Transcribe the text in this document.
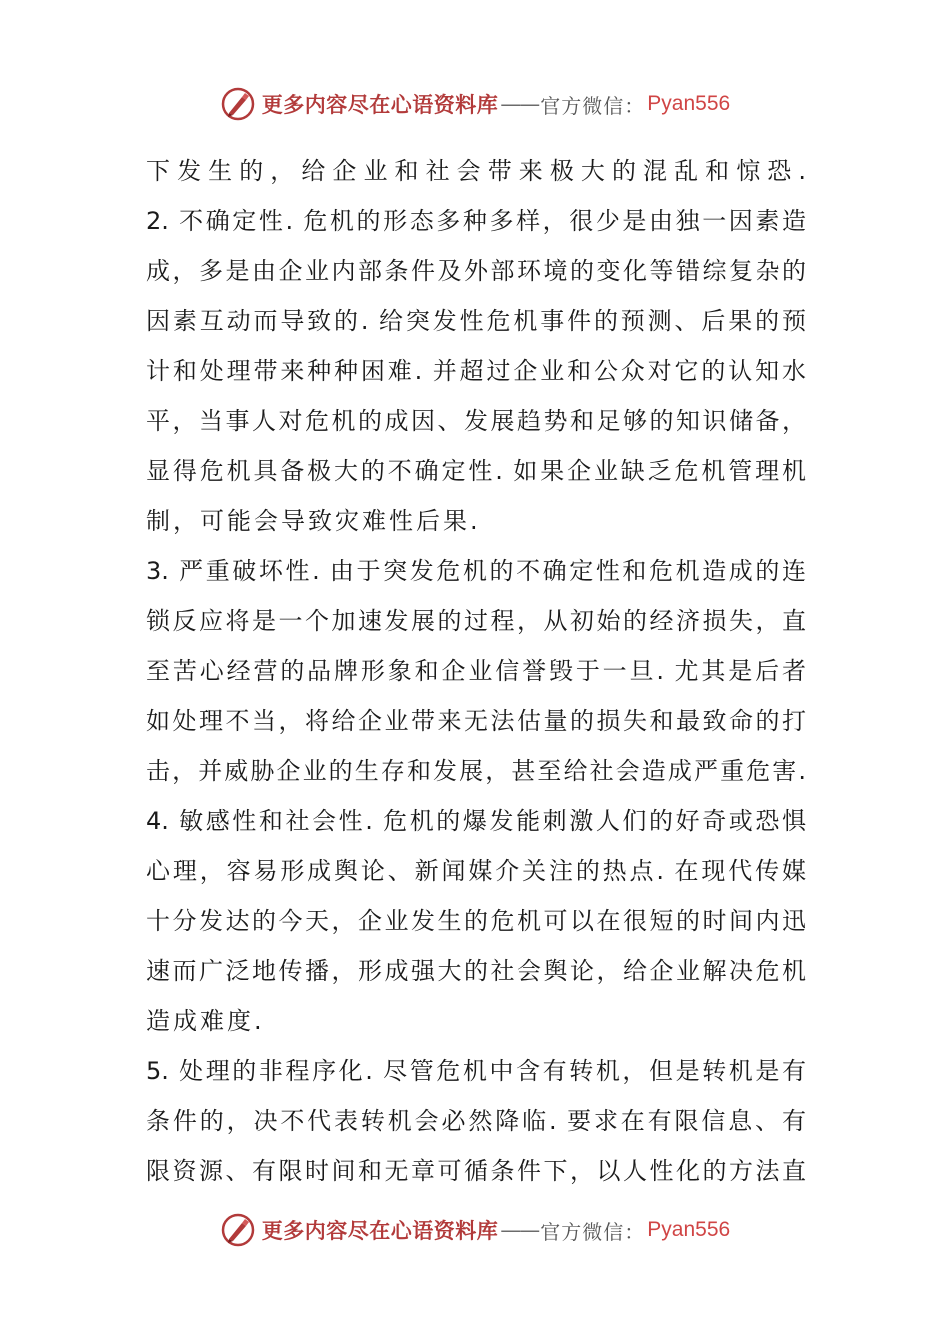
更多内容尽在心语资料库 —— 官方微信： Pyan556
下发生的，给企业和社会带来极大的混乱和惊恐.
2. 不确定性. 危机的形态多种多样，很少是由独一因素造
成，多是由企业内部条件及外部环境的变化等错综复杂的
因素互动而导致的. 给突发性危机事件的预测、后果的预
计和处理带来种种困难. 并超过企业和公众对它的认知水
平，当事人对危机的成因、发展趋势和足够的知识储备，
显得危机具备极大的不确定性. 如果企业缺乏危机管理机
制，可能会导致灾难性后果.
3. 严重破坏性. 由于突发危机的不确定性和危机造成的连
锁反应将是一个加速发展的过程，从初始的经济损失，直
至苦心经营的品牌形象和企业信誉毁于一旦. 尤其是后者
如处理不当，将给企业带来无法估量的损失和最致命的打
击，并威胁企业的生存和发展，甚至给社会造成严重危害.
4. 敏感性和社会性. 危机的爆发能刺激人们的好奇或恐惧
心理，容易形成舆论、新闻媒介关注的热点. 在现代传媒
十分发达的今天，企业发生的危机可以在很短的时间内迅
速而广泛地传播，形成强大的社会舆论，给企业解决危机
造成难度.
5. 处理的非程序化. 尽管危机中含有转机，但是转机是有
条件的，决不代表转机会必然降临. 要求在有限信息、有
限资源、有限时间和无章可循条件下，以人性化的方法直
更多内容尽在心语资料库 —— 官方微信： Pyan556
